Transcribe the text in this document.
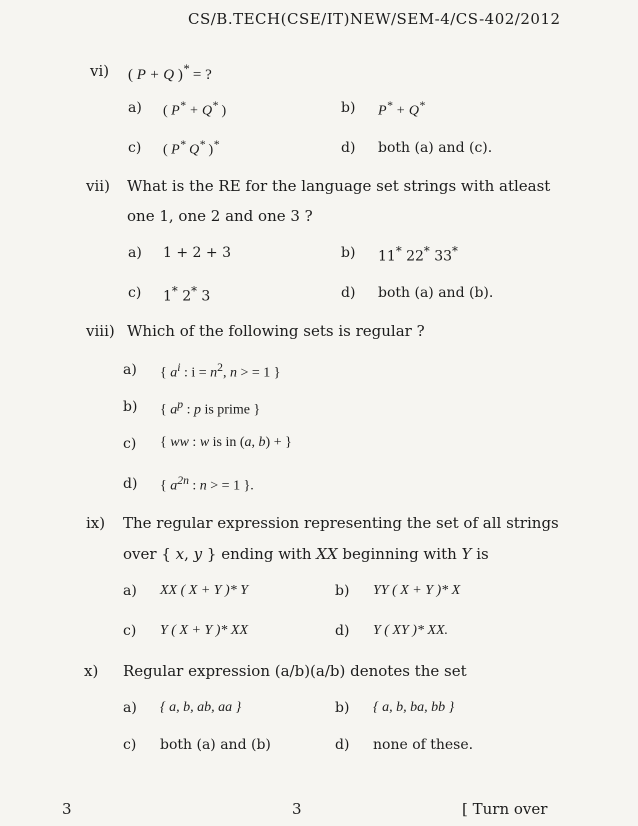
CS/B.TECH(CSE/IT)NEW/SEM-4/CS-402/2012
vi) ( P + Q )* = ?
a) ( P* + Q* )	b) P* + Q*
c) ( P* Q* )*	d) both (a) and (c).
vii) What is the RE for the language set strings with atleast
one 1, one 2 and one 3 ?
a) 1 + 2 + 3	b) 11* 22* 33*
c) 1* 2* 3	d) both (a) and (b).
viii) Which of the following sets is regular ?
a) { $a^i$ : $i = n^2$, n > = 1 }
b) { $a^p$ : p is prime }
c) { ww : w is in (a, b) + }
d) { $a^{2n}$ : n > = 1 }.
ix) The regular expression representing the set of all strings
over { x, y } ending with XX beginning with Y is
a) XX ( X + Y )* Y	b) YY ( X + Y )* X
c) Y ( X + Y )* XX	d) Y ( XY )* XX.
x) Regular expression (a/b)(a/b) denotes the set
a) { a, b, ab, aa }	b) { a, b, ba, bb }
c) both (a) and (b)	d) none of these.
3	3	[ Turn over
